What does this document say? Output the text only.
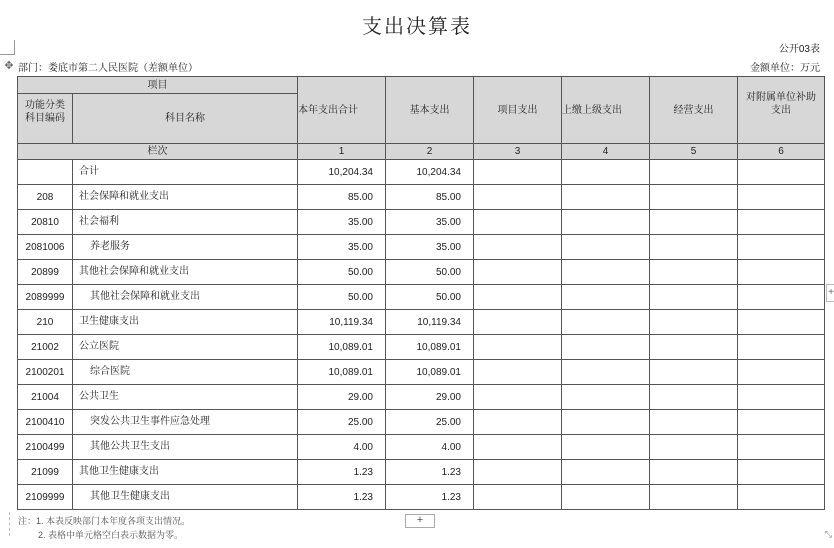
支出决算表
公开03表
✥ 部门：娄底市第二人民医院（差额单位）	金额单位：万元
项目		本年支出合计	基本支出	项目支出	上缴上级支出	经营支出	对附属单位补助支出

功能分类 科目编码	科目名称						

栏次		1	2	3	4	5	6

	合计	10,204.34	10,204.34				

208	社会保障和就业支出	85.00	85.00				

20810	社会福利	35.00	35.00				

2081006	养老服务	35.00	35.00				

20899	其他社会保障和就业支出	50.00	50.00				

2089999	其他社会保障和就业支出	50.00	50.00				

210	卫生健康支出	10,119.34	10,119.34				

21002	公立医院	10,089.01	10,089.01				

2100201	综合医院	10,089.01	10,089.01				

21004	公共卫生	29.00	29.00				

2100410	突发公共卫生事件应急处理	25.00	25.00				

2100499	其他公共卫生支出	4.00	4.00				

21099	其他卫生健康支出	1.23	1.23				

2109999	其他卫生健康支出	1.23	1.23				

注：1. 本表反映部门本年度各项支出情况。
2. 表格中单元格空白表示数据为零。
+
+
⤡
